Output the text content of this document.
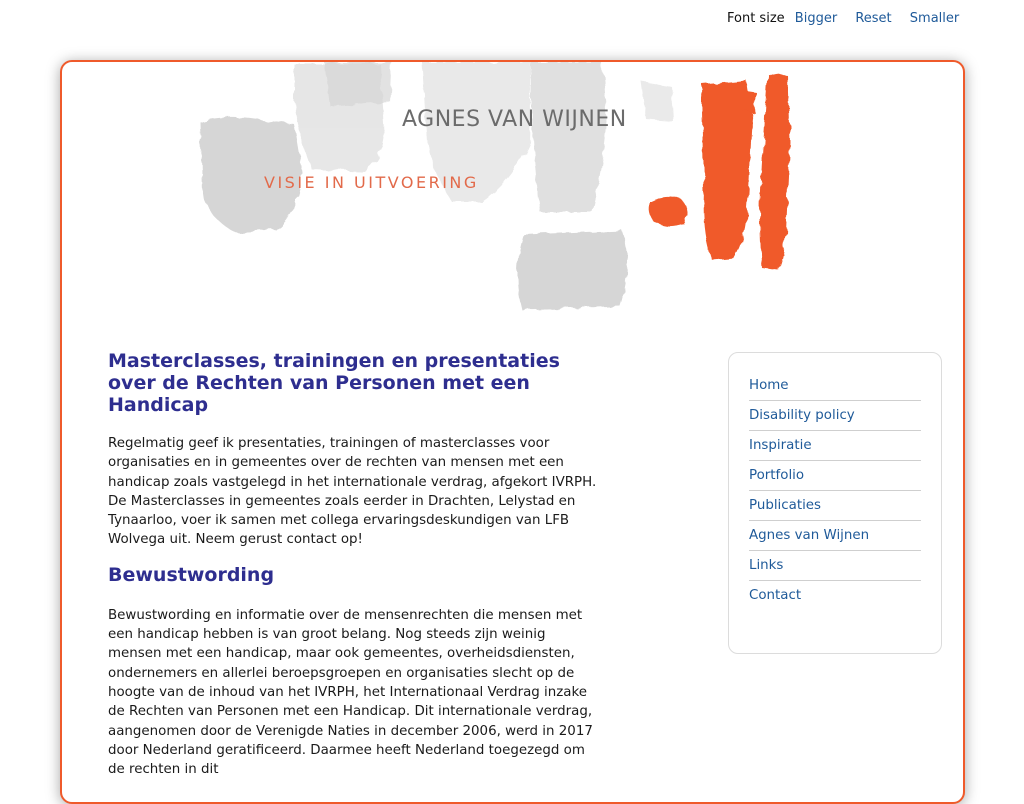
Font size Bigger Reset Smaller
AGNES VAN WIJNEN
VISIE IN UITVOERING
Masterclasses, trainingen en presentaties over de Rechten van Personen met een Handicap

Regelmatig geef ik presentaties, trainingen of masterclasses voor organisaties en in gemeentes over de rechten van mensen met een handicap zoals vastgelegd in het internationale verdrag, afgekort IVRPH. De Masterclasses in gemeentes zoals eerder in Drachten, Lelystad en Tynaarloo, voer ik samen met collega ervaringsdeskundigen van LFB Wolvega uit. Neem gerust contact op!

Bewustwording

Bewustwording en informatie over de mensenrechten die mensen met een handicap hebben is van groot belang. Nog steeds zijn weinig mensen met een handicap, maar ook gemeentes, overheidsdiensten, ondernemers en allerlei beroepsgroepen en organisaties slecht op de hoogte van de inhoud van het IVRPH, het Internationaal Verdrag inzake de Rechten van Personen met een Handicap. Dit internationale verdrag, aangenomen door de Verenigde Naties in december 2006, werd in 2017 door Nederland geratificeerd. Daarmee heeft Nederland toegezegd om de rechten in dit

Home
Disability policy
Inspiratie
Portfolio
Publicaties
Agnes van Wijnen
Links
Contact
